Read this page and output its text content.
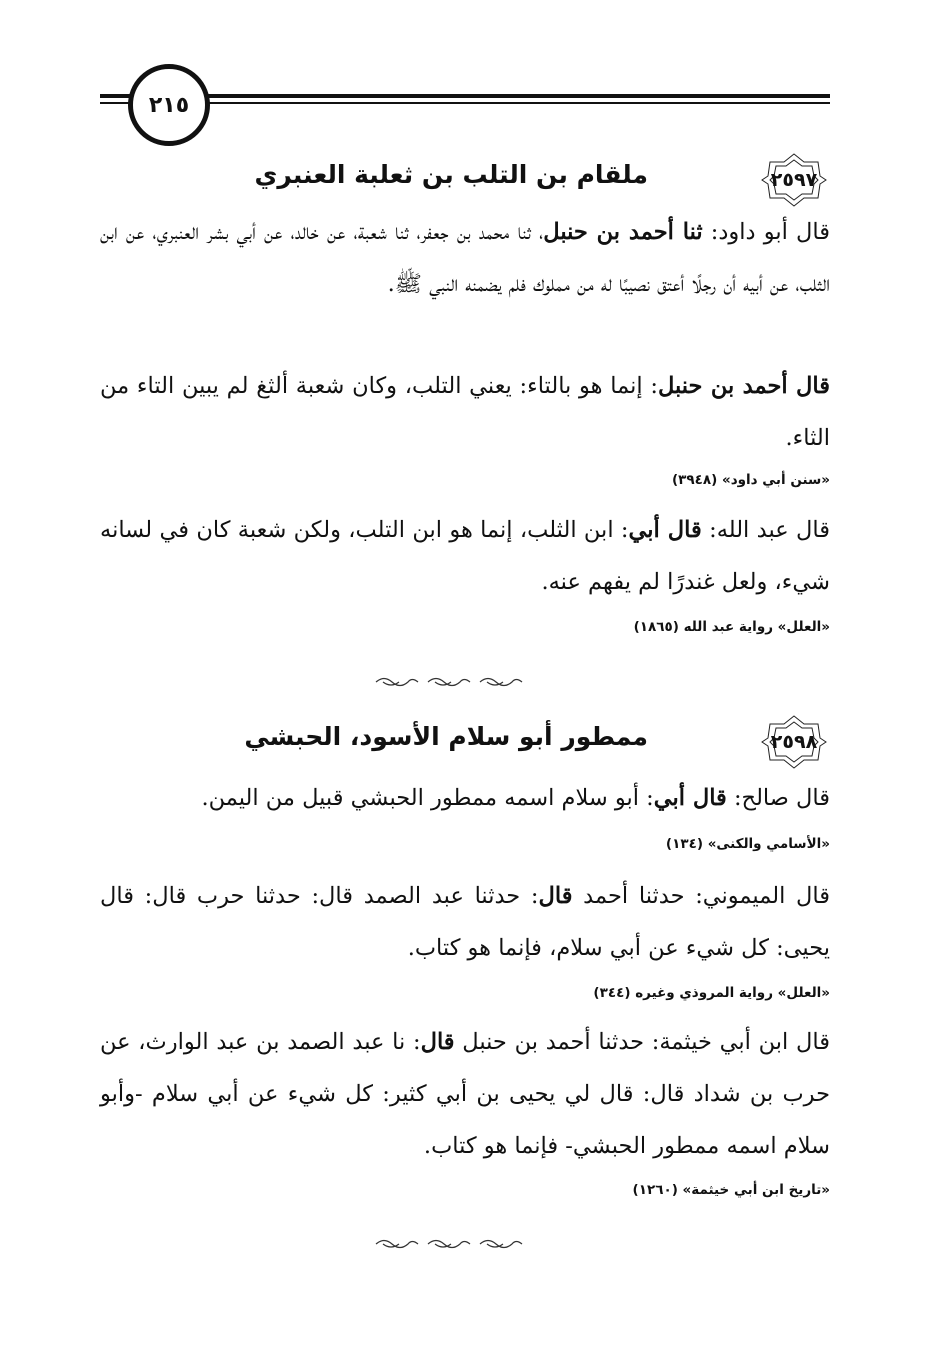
٢١٥
٢٥٩٧
ملقام بن التلب بن ثعلبة العنبري

قال أبو داود: ثنا أحمد بن حنبل، ثنا محمد بن جعفر، ثنا شعبة، عن خالد، عن أبي بشر العنبري، عن ابن الثلب، عن أبيه أن رجلًا أعتق نصيبًا له من مملوك فلم يضمنه النبي ﷺ.

قال أحمد بن حنبل: إنما هو بالتاء: يعني التلب، وكان شعبة ألثغ لم يبين التاء من الثاء.

«سنن أبي داود» (٣٩٤٨)

قال عبد الله: قال أبي: ابن الثلب، إنما هو ابن التلب، ولكن شعبة كان في لسانه شيء، ولعل غندرًا لم يفهم عنه.

«العلل» رواية عبد الله (١٨٦٥)

٢٥٩٨
ممطور أبو سلام الأسود، الحبشي

قال صالح: قال أبي: أبو سلام اسمه ممطور الحبشي قبيل من اليمن.

«الأسامي والكنى» (١٣٤)

قال الميموني: حدثنا أحمد قال: حدثنا عبد الصمد قال: حدثنا حرب قال: قال يحيى: كل شيء عن أبي سلام، فإنما هو كتاب.

«العلل» رواية المروذي وغيره (٣٤٤)

قال ابن أبي خيثمة: حدثنا أحمد بن حنبل قال: نا عبد الصمد بن عبد الوارث، عن حرب بن شداد قال: قال لي يحيى بن أبي كثير: كل شيء عن أبي سلام -وأبو سلام اسمه ممطور الحبشي- فإنما هو كتاب.

«تاريخ ابن أبي خيثمة» (١٢٦٠)
